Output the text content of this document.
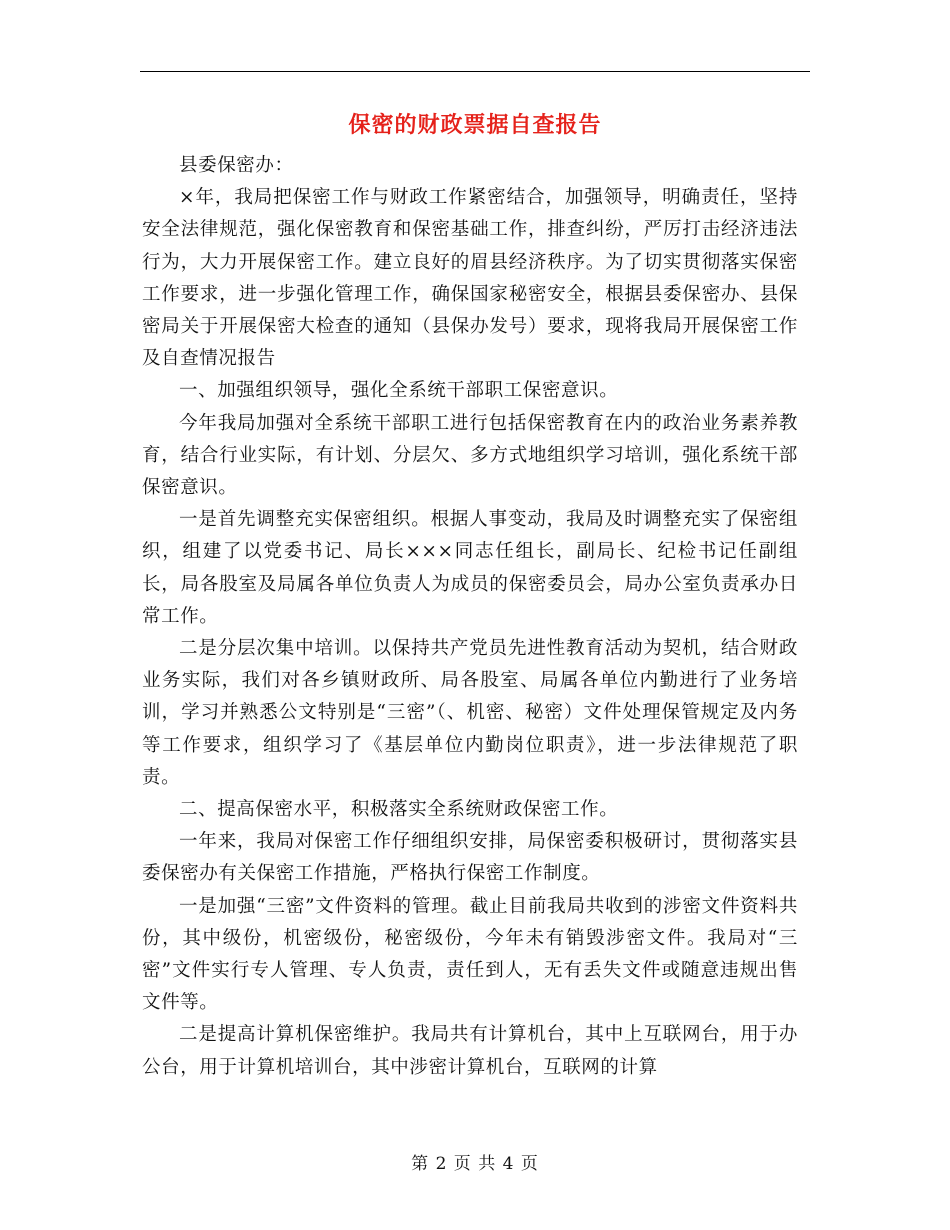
保密的财政票据自查报告

县委保密办：

×年，我局把保密工作与财政工作紧密结合，加强领导，明确责任，坚持安全法律规范，强化保密教育和保密基础工作，排查纠纷，严厉打击经济违法行为，大力开展保密工作。建立良好的眉县经济秩序。为了切实贯彻落实保密工作要求，进一步强化管理工作，确保国家秘密安全，根据县委保密办、县保密局关于开展保密大检查的通知（县保办发号）要求，现将我局开展保密工作及自查情况报告

一、加强组织领导，强化全系统干部职工保密意识。

今年我局加强对全系统干部职工进行包括保密教育在内的政治业务素养教育，结合行业实际，有计划、分层欠、多方式地组织学习培训，强化系统干部保密意识。

一是首先调整充实保密组织。根据人事变动，我局及时调整充实了保密组织，组建了以党委书记、局长×××同志任组长，副局长、纪检书记任副组长，局各股室及局属各单位负责人为成员的保密委员会，局办公室负责承办日常工作。

二是分层次集中培训。以保持共产党员先进性教育活动为契机，结合财政业务实际，我们对各乡镇财政所、局各股室、局属各单位内勤进行了业务培训，学习并熟悉公文特别是“三密”（、机密、秘密）文件处理保管规定及内务等工作要求，组织学习了《基层单位内勤岗位职责》，进一步法律规范了职责。

二、提高保密水平，积极落实全系统财政保密工作。

一年来，我局对保密工作仔细组织安排，局保密委积极研讨，贯彻落实县委保密办有关保密工作措施，严格执行保密工作制度。

一是加强“三密”文件资料的管理。截止目前我局共收到的涉密文件资料共份，其中级份，机密级份，秘密级份，今年未有销毁涉密文件。我局对“三密”文件实行专人管理、专人负责，责任到人，无有丢失文件或随意违规出售文件等。

二是提高计算机保密维护。我局共有计算机台，其中上互联网台，用于办公台，用于计算机培训台，其中涉密计算机台，互联网的计算

第 2 页 共 4 页
